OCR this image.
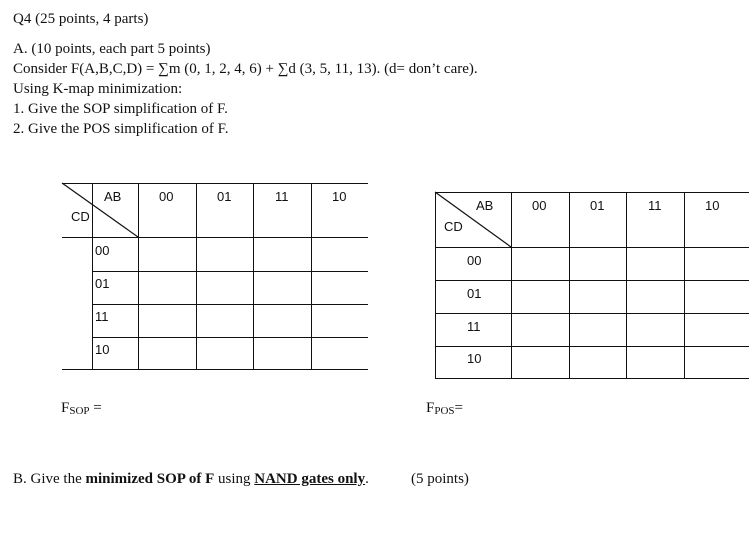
Q4 (25 points, 4 parts)
A. (10 points, each part 5 points)
Consider F(A,B,C,D) = ∑m (0, 1, 2, 4, 6) + ∑d (3, 5, 11, 13). (d= don’t care).
Using K-map minimization:
1. Give the SOP simplification of F.
2. Give the POS simplification of F.
AB
CD
00	01	11	10
00
01
11
10
AB
CD
00	01	11	10
00
01
11
10
$F_{SOP}$ =	$F_{POS}=$
B. Give the minimized SOP of F using NAND gates only.	(5 points)
